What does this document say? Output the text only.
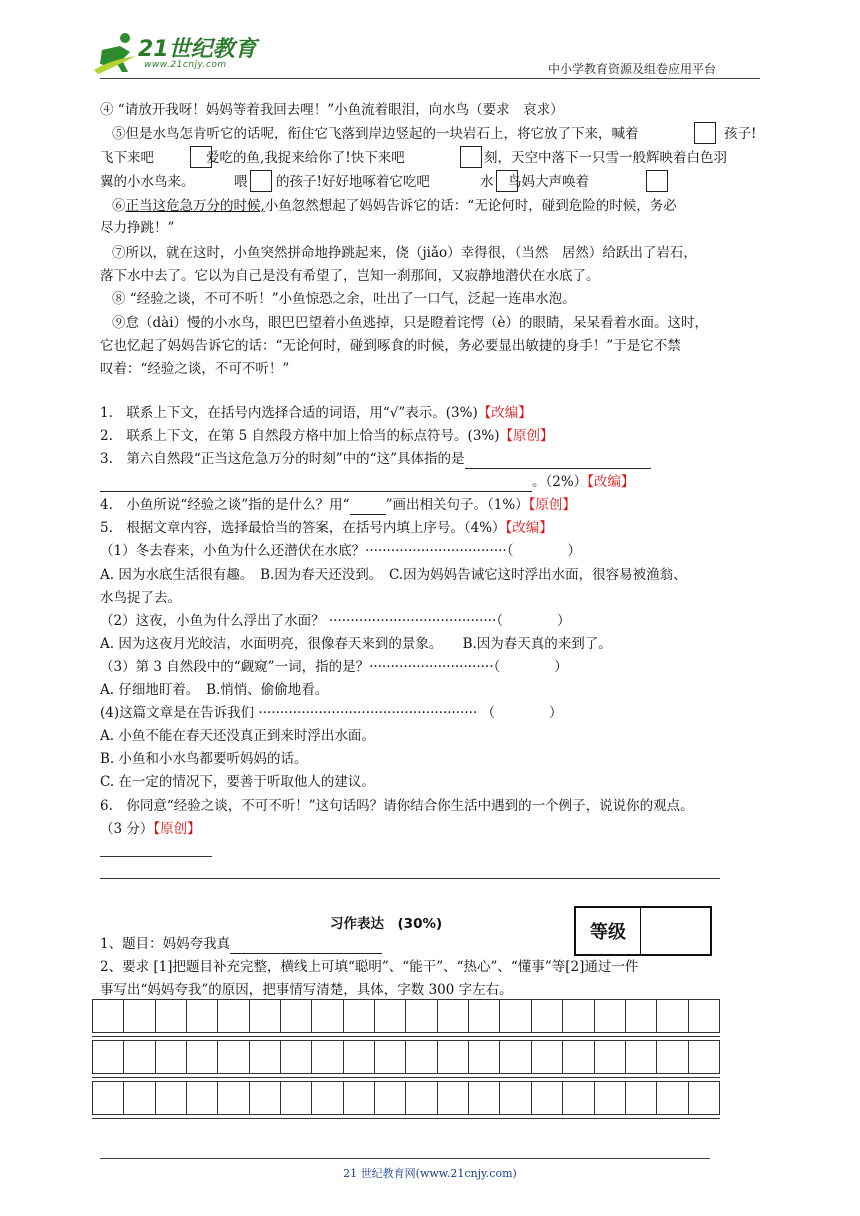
21世纪教育
www.21cnjy.com	中小学教育资源及组卷应用平台
④ “请放开我呀！妈妈等着我回去哩！”小鱼流着眼泪，向水鸟（要求　哀求）
⑤但是水鸟怎肯听它的话呢，衔住它飞落到岸边竖起的一块岩石上，将它放了下来，喊着	孩子!
飞下来吧	爱吃的鱼,我捉来给你了!快下来吧	刻，天空中落下一只雪一般辉映着白色羽
翼的小水鸟来。	喂 的孩子!好好地啄着它吃吧	水 鸟妈大声唤着
⑥正当这危急万分的时候,小鱼忽然想起了妈妈告诉它的话：“无论何时，碰到危险的时候，务必
尽力挣跳！”
⑦所以，就在这时，小鱼突然拼命地挣跳起来，侥（jiǎo）幸得很，（当然　居然）给跃出了岩石，
落下水中去了。它以为自己是没有希望了，岂知一刹那间，又寂静地潜伏在水底了。
⑧ “经验之谈，不可不听！”小鱼惊恐之余，吐出了一口气，泛起一连串水泡。
⑨怠（dài）慢的小水鸟，眼巴巴望着小鱼逃掉，只是瞪着诧愕（è）的眼睛，呆呆看着水面。这时，
它也忆起了妈妈告诉它的话：“无论何时，碰到啄食的时候，务必要显出敏捷的身手！”于是它不禁
叹着：“经验之谈，不可不听！”
1.　联系上下文，在括号内选择合适的词语，用“√”表示。(3%)【改编】
2.　联系上下文，在第 5 自然段方格中加上恰当的标点符号。(3%)【原创】
3.　第六自然段“正当这危急万分的时刻”中的“这”具体指的是
。（2%）【改编】
4.　小鱼所说“经验之谈”指的是什么？用“	”画出相关句子。（1%）【原创】
5.　根据文章内容，选择最恰当的答案，在括号内填上序号。（4%）【改编】
（1）冬去春来，小鱼为什么还潜伏在水底？·································（　　　　）
A. 因为水底生活很有趣。　B.因为春天还没到。　C.因为妈妈告诫它这时浮出水面，很容易被渔翁、
水鸟捉了去。
（2）这夜，小鱼为什么浮出了水面？ ·······································（　　　　）
A. 因为这夜月光皎洁，水面明亮，很像春天来到的景象。　　B.因为春天真的来到了。
（3）第 3 自然段中的“觑窥”一词，指的是？·····························（　　　　）
A. 仔细地盯着。　B.悄悄、偷偷地看。
(4)这篇文章是在告诉我们 ··················································· （　　　　）
A. 小鱼不能在春天还没真正到来时浮出水面。
B. 小鱼和小水鸟都要听妈妈的话。
C. 在一定的情况下，要善于听取他人的建议。
6.　你同意“经验之谈，不可不听！”这句话吗？请你结合你生活中遇到的一个例子，说说你的观点。
（3 分）【原创】
习作表达　(30%)	等级
1、题目：妈妈夸我真
2、要求 [1]把题目补充完整，横线上可填“聪明”、“能干”、“热心”、“懂事”等[2]通过一件
事写出“妈妈夸我”的原因，把事情写清楚，具体，字数 300 字左右。
21 世纪教育网(www.21cnjy.com)
